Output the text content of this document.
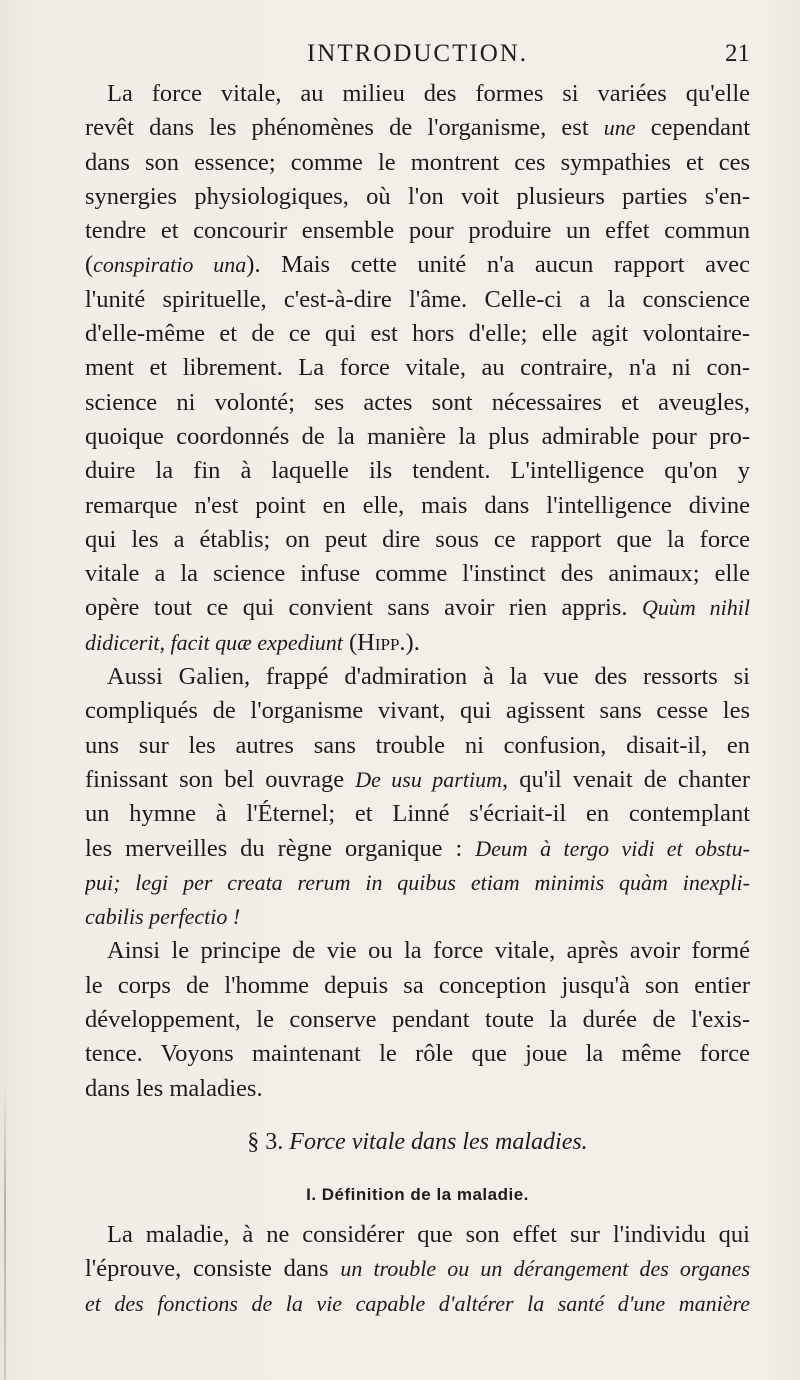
INTRODUCTION.	21
La force vitale, au milieu des formes si variées qu'elle
revêt dans les phénomènes de l'organisme, est une cependant
dans son essence; comme le montrent ces sympathies et ces
synergies physiologiques, où l'on voit plusieurs parties s'en-
tendre et concourir ensemble pour produire un effet commun
(conspiratio una). Mais cette unité n'a aucun rapport avec
l'unité spirituelle, c'est-à-dire l'âme. Celle-ci a la conscience
d'elle-même et de ce qui est hors d'elle; elle agit volontaire-
ment et librement. La force vitale, au contraire, n'a ni con-
science ni volonté; ses actes sont nécessaires et aveugles,
quoique coordonnés de la manière la plus admirable pour pro-
duire la fin à laquelle ils tendent. L'intelligence qu'on y
remarque n'est point en elle, mais dans l'intelligence divine
qui les a établis; on peut dire sous ce rapport que la force
vitale a la science infuse comme l'instinct des animaux; elle
opère tout ce qui convient sans avoir rien appris. Quùm nihil
didicerit, facit quæ expediunt (Hipp.).
Aussi Galien, frappé d'admiration à la vue des ressorts si
compliqués de l'organisme vivant, qui agissent sans cesse les
uns sur les autres sans trouble ni confusion, disait-il, en
finissant son bel ouvrage De usu partium, qu'il venait de chanter
un hymne à l'Éternel; et Linné s'écriait-il en contemplant
les merveilles du règne organique : Deum à tergo vidi et obstu-
pui; legi per creata rerum in quibus etiam minimis quàm inexpli-
cabilis perfectio !
Ainsi le principe de vie ou la force vitale, après avoir formé
le corps de l'homme depuis sa conception jusqu'à son entier
développement, le conserve pendant toute la durée de l'exis-
tence. Voyons maintenant le rôle que joue la même force
dans les maladies.
§ 3. Force vitale dans les maladies.
I. Définition de la maladie.
La maladie, à ne considérer que son effet sur l'individu qui
l'éprouve, consiste dans un trouble ou un dérangement des organes
et des fonctions de la vie capable d'altérer la santé d'une manière
